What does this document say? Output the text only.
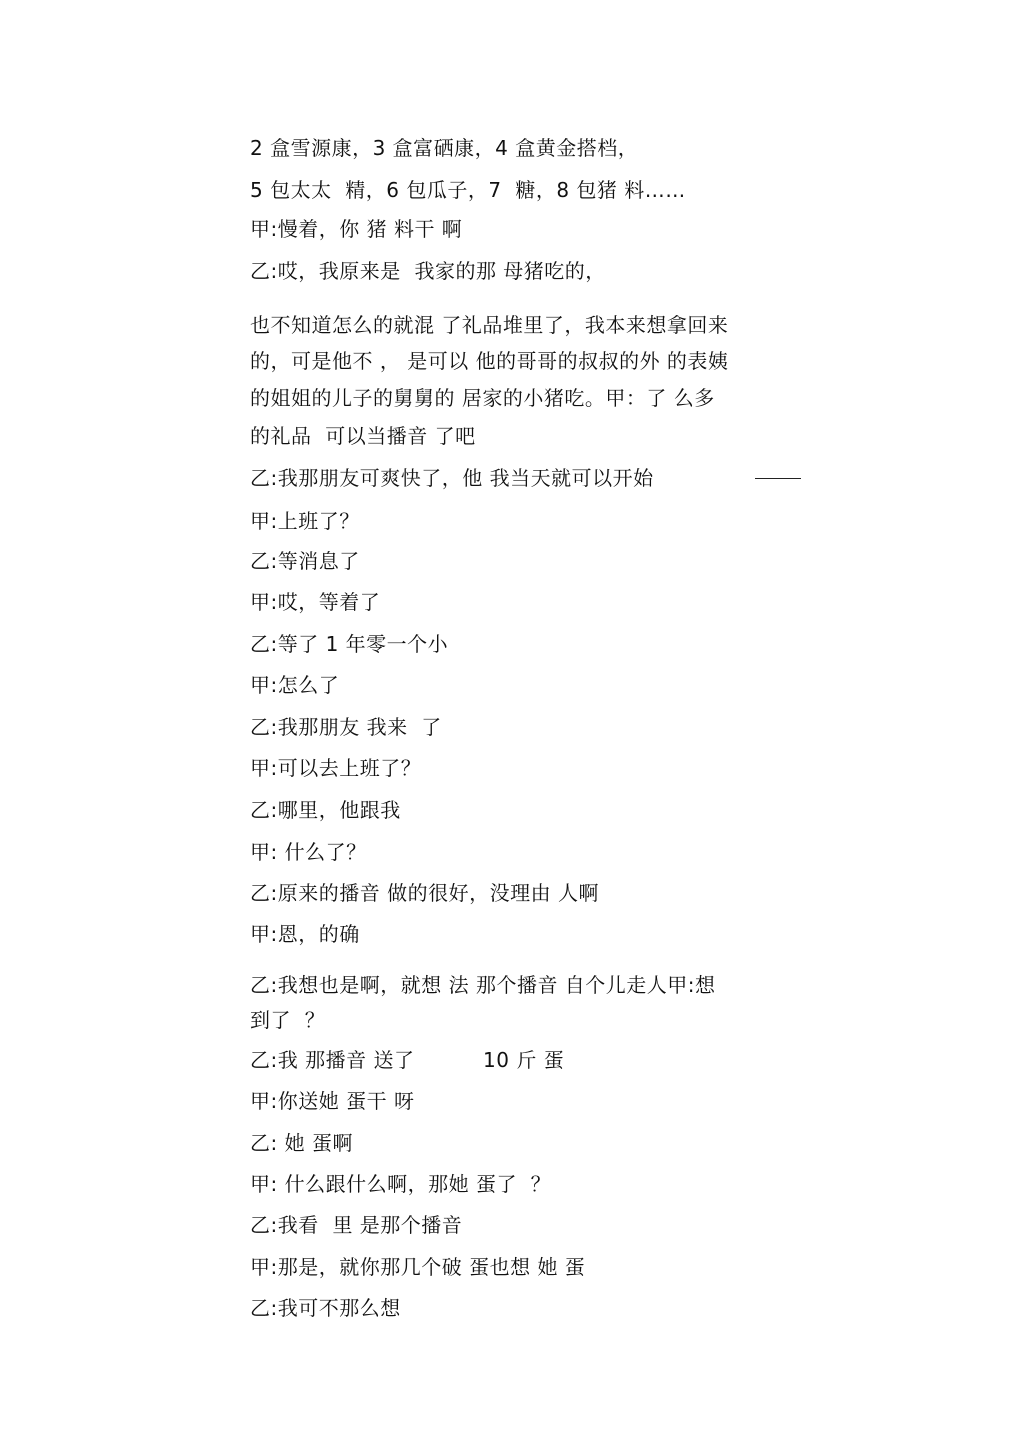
2 盒雪源康，3 盒富硒康，4 盒黄金搭档，
5 包太太  精，6 包瓜子，7  糖，8 包猪 料……
甲:慢着，你 猪 料干 啊
乙:哎，我原来是  我家的那 母猪吃的，
也不知道怎么的就混 了礼品堆里了，我本来想拿回来
的，可是他不 ， 是可以 他的哥哥的叔叔的外 的表姨
的姐姐的儿子的舅舅的 居家的小猪吃。甲：了 么多
的礼品  可以当播音 了吧
乙:我那朋友可爽快了，他 我当天就可以开始
甲:上班了？
乙:等消息了
甲:哎，等着了
乙:等了 1 年零一个小
甲:怎么了
乙:我那朋友 我来  了
甲:可以去上班了？
乙:哪里，他跟我
甲: 什么了？
乙:原来的播音 做的很好，没理由 人啊
甲:恩，的确
乙:我想也是啊，就想 法 那个播音 自个儿走人甲:想
到了  ？
乙:我 那播音 送了          10 斤 蛋
甲:你送她 蛋干 呀
乙: 她 蛋啊
甲: 什么跟什么啊，那她 蛋了  ？
乙:我看  里 是那个播音
甲:那是，就你那几个破 蛋也想 她 蛋
乙:我可不那么想
